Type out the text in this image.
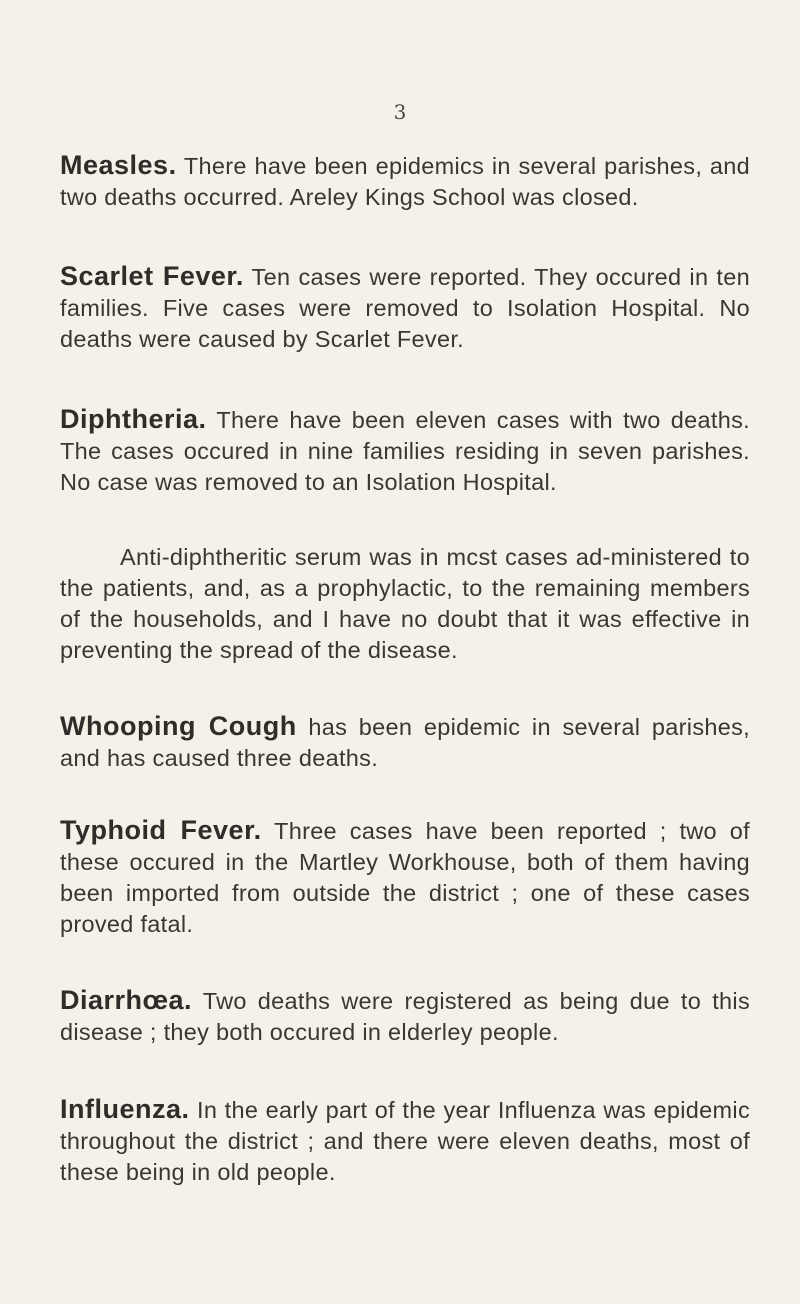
3

Measles. There have been epidemics in several parishes, and two deaths occurred. Areley Kings School was closed.

Scarlet Fever. Ten cases were reported. They occured in ten families. Five cases were removed to Isolation Hospital. No deaths were caused by Scarlet Fever.

Diphtheria. There have been eleven cases with two deaths. The cases occured in nine families residing in seven parishes. No case was removed to an Isolation Hospital.

Anti-diphtheritic serum was in mcst cases ad-ministered to the patients, and, as a prophylactic, to the remaining members of the households, and I have no doubt that it was effective in preventing the spread of the disease.

Whooping Cough has been epidemic in several parishes, and has caused three deaths.

Typhoid Fever. Three cases have been reported ; two of these occured in the Martley Workhouse, both of them having been imported from outside the district ; one of these cases proved fatal.

Diarrhœa. Two deaths were registered as being due to this disease ; they both occured in elderley people.

Influenza. In the early part of the year Influenza was epidemic throughout the district ; and there were eleven deaths, most of these being in old people.
